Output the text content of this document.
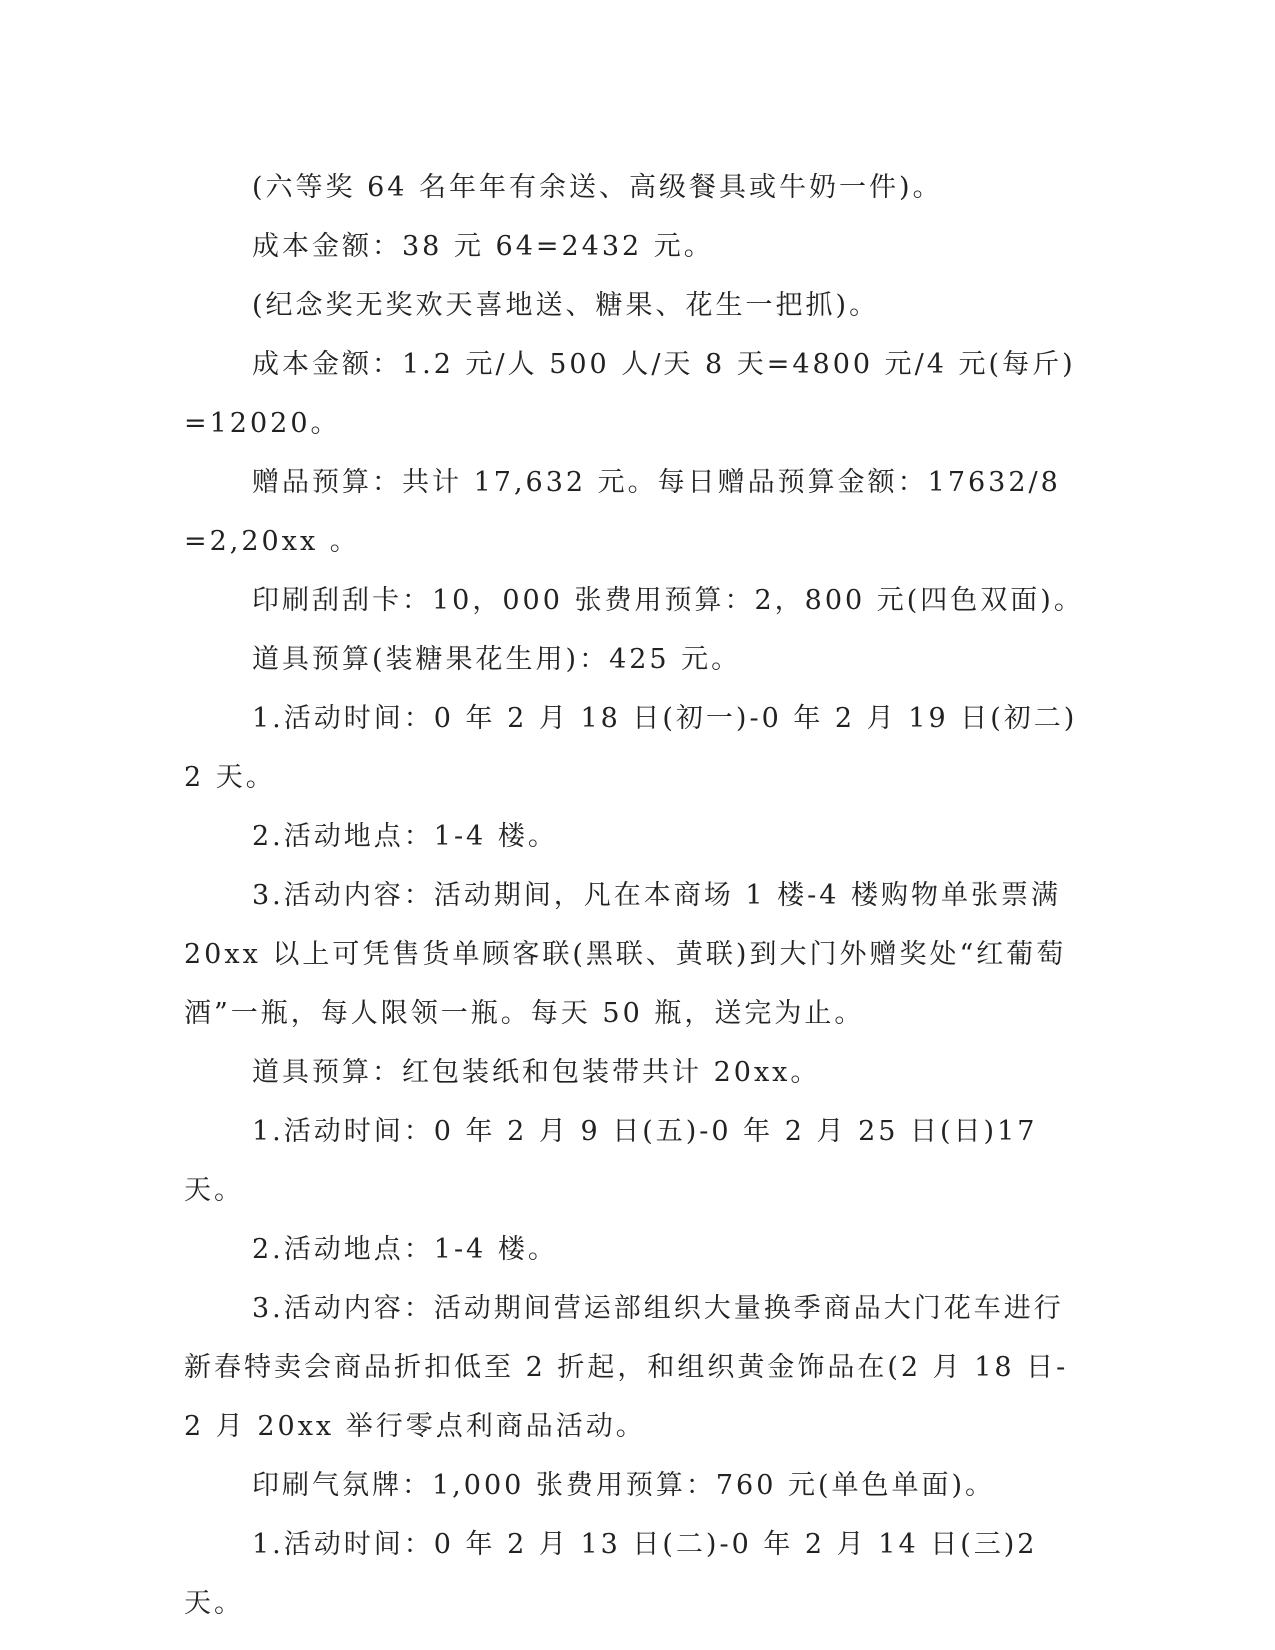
(六等奖 64 名年年有余送、高级餐具或牛奶一件)。

成本金额：38 元 64=2432 元。

(纪念奖无奖欢天喜地送、糖果、花生一把抓)。

成本金额：1.2 元/人 500 人/天 8 天=4800 元/4 元(每斤)=12020。

赠品预算：共计 17,632 元。每日赠品预算金额：17632/8=2,20xx 。

印刷刮刮卡：10，000 张费用预算：2，800 元(四色双面)。

道具预算(装糖果花生用)：425 元。

1.活动时间：0 年 2 月 18 日(初一)-0 年 2 月 19 日(初二)2 天。

2.活动地点：1-4 楼。

3.活动内容：活动期间，凡在本商场 1 楼-4 楼购物单张票满 20xx 以上可凭售货单顾客联(黑联、黄联)到大门外赠奖处“红葡萄酒”一瓶，每人限领一瓶。每天 50 瓶，送完为止。

道具预算：红包装纸和包装带共计 20xx。

1.活动时间：0 年 2 月 9 日(五)-0 年 2 月 25 日(日)17 天。

2.活动地点：1-4 楼。

3.活动内容：活动期间营运部组织大量换季商品大门花车进行新春特卖会商品折扣低至 2 折起，和组织黄金饰品在(2 月 18 日-2 月 20xx 举行零点利商品活动。

印刷气氛牌：1,000 张费用预算：760 元(单色单面)。

1.活动时间：0 年 2 月 13 日(二)-0 年 2 月 14 日(三)2 天。
